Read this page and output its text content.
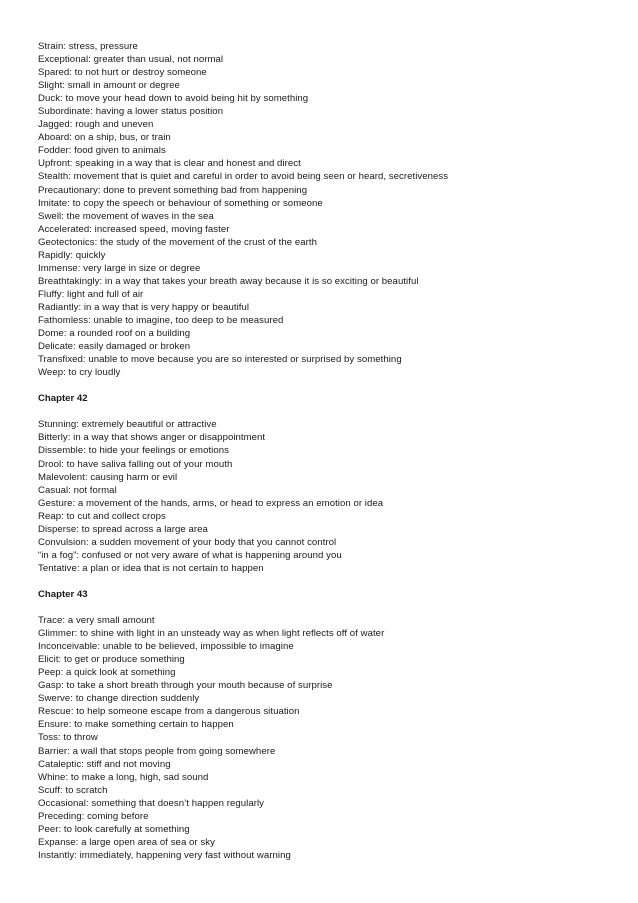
Strain: stress, pressure
Exceptional: greater than usual, not normal
Spared: to not hurt or destroy someone
Slight: small in amount or degree
Duck: to move your head down to avoid being hit by something
Subordinate: having a lower status position
Jagged: rough and uneven
Aboard: on a ship, bus, or train
Fodder: food given to animals
Upfront: speaking in a way that is clear and honest and direct
Stealth: movement that is quiet and careful in order to avoid being seen or heard, secretiveness
Precautionary: done to prevent something bad from happening
Imitate: to copy the speech or behaviour of something or someone
Swell: the movement of waves in the sea
Accelerated: increased speed, moving faster
Geotectonics: the study of the movement of the crust of the earth
Rapidly: quickly
Immense: very large in size or degree
Breathtakingly: in a way that takes your breath away because it is so exciting or beautiful
Fluffy: light and full of air
Radiantly: in a way that is very happy or beautiful
Fathomless: unable to imagine, too deep to be measured
Dome: a rounded roof on a building
Delicate: easily damaged or broken
Transfixed: unable to move because you are so interested or surprised by something
Weep: to cry loudly
Chapter 42
Stunning: extremely beautiful or attractive
Bitterly: in a way that shows anger or disappointment
Dissemble: to hide your feelings or emotions
Drool: to have saliva falling out of your mouth
Malevolent: causing harm or evil
Casual: not formal
Gesture: a movement of the hands, arms, or head to express an emotion or idea
Reap: to cut and collect crops
Disperse: to spread across a large area
Convulsion: a sudden movement of your body that you cannot control
“in a fog”: confused or not very aware of what is happening around you
Tentative: a plan or idea that is not certain to happen
Chapter 43
Trace: a very small amount
Glimmer: to shine with light in an unsteady way as when light reflects off of water
Inconceivable: unable to be believed, impossible to imagine
Elicit: to get or produce something
Peep: a quick look at something
Gasp: to take a short breath through your mouth because of surprise
Swerve: to change direction suddenly
Rescue: to help someone escape from a dangerous situation
Ensure: to make something certain to happen
Toss: to throw
Barrier: a wall that stops people from going somewhere
Cataleptic: stiff and not moving
Whine: to make a long, high, sad sound
Scuff: to scratch
Occasional: something that doesn’t happen regularly
Preceding: coming before
Peer: to look carefully at something
Expanse: a large open area of sea or sky
Instantly: immediately, happening very fast without warning
